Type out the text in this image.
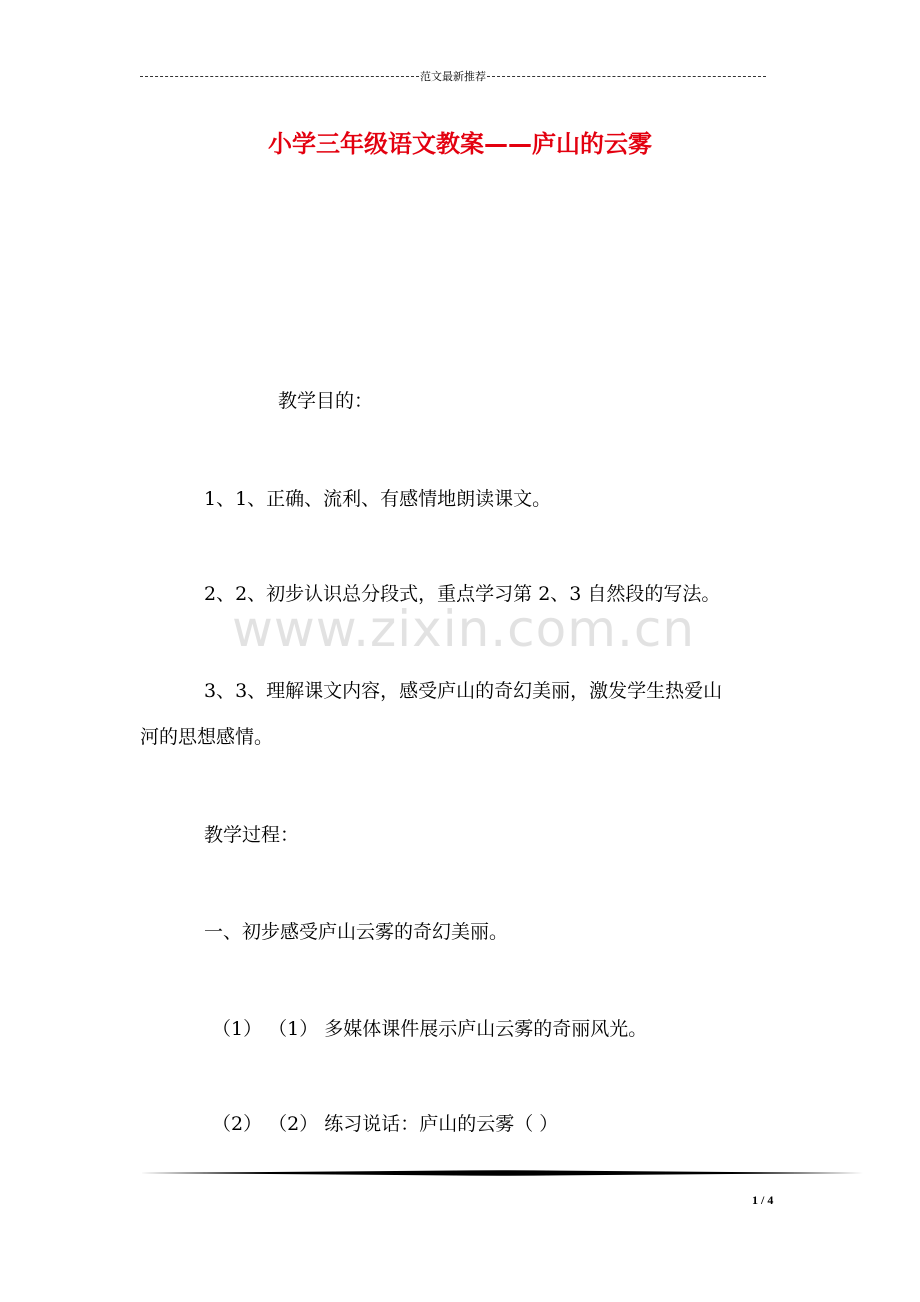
范文最新推荐
小学三年级语文教案——庐山的云雾
www.zixin.com.cn
教学目的：
1、1、正确、流利、有感情地朗读课文。
2、2、初步认识总分段式，重点学习第 2、3 自然段的写法。
3、3、理解课文内容，感受庐山的奇幻美丽，激发学生热爱山
河的思想感情。
教学过程：
一、初步感受庐山云雾的奇幻美丽。
（1） （1） 多媒体课件展示庐山云雾的奇丽风光。
（2） （2） 练习说话：庐山的云雾（ ）
1 / 4
